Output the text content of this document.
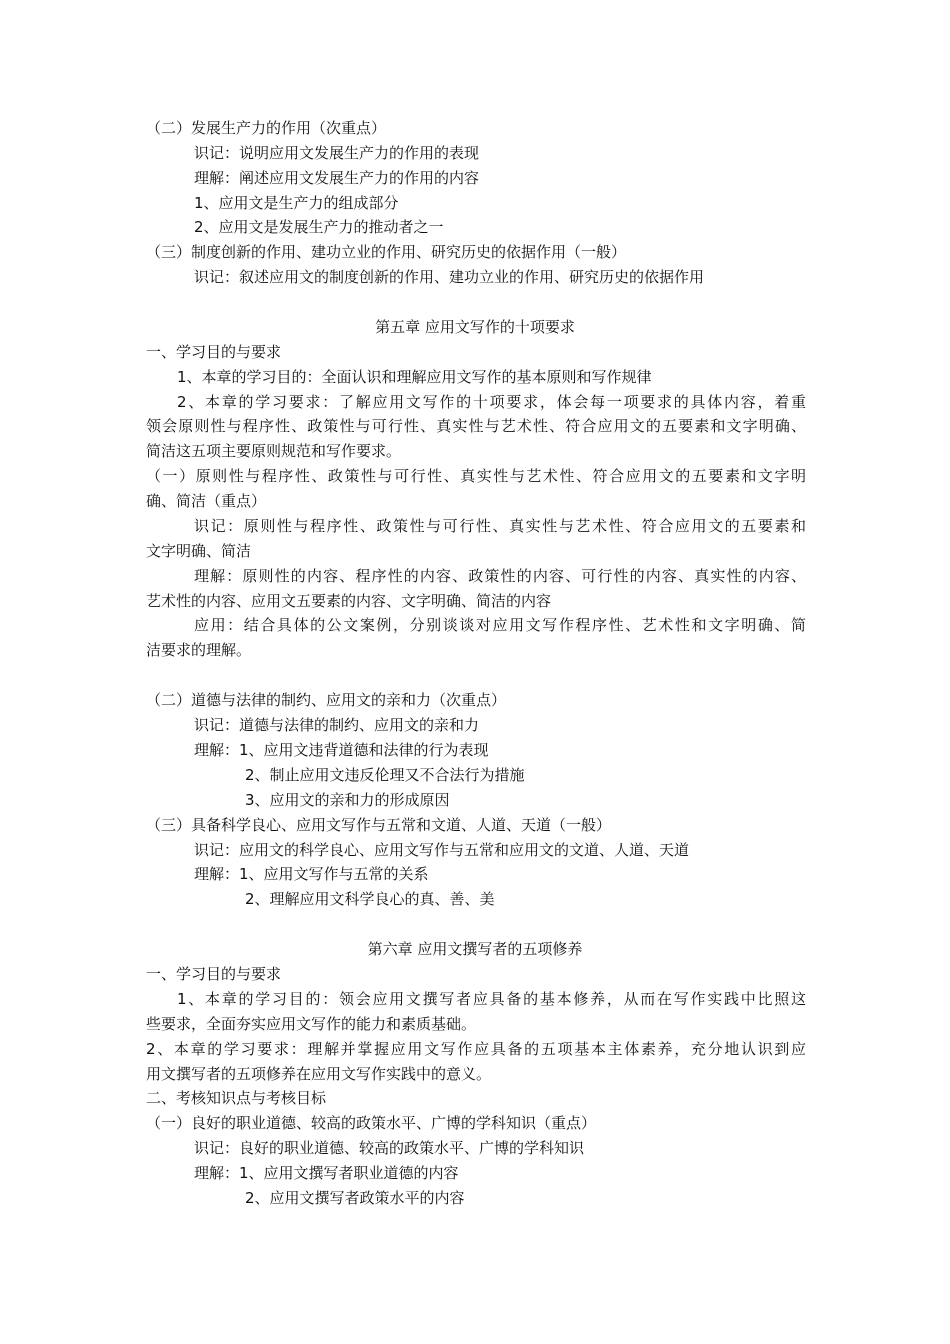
（二）发展生产力的作用（次重点）
识记：说明应用文发展生产力的作用的表现
理解：阐述应用文发展生产力的作用的内容
1、应用文是生产力的组成部分
2、应用文是发展生产力的推动者之一
（三）制度创新的作用、建功立业的作用、研究历史的依据作用（一般）
识记：叙述应用文的制度创新的作用、建功立业的作用、研究历史的依据作用
第五章 应用文写作的十项要求
一、学习目的与要求
1、本章的学习目的：全面认识和理解应用文写作的基本原则和写作规律
2、本章的学习要求：了解应用文写作的十项要求，体会每一项要求的具体内容，着重
领会原则性与程序性、政策性与可行性、真实性与艺术性、符合应用文的五要素和文字明确、
简洁这五项主要原则规范和写作要求。
（一）原则性与程序性、政策性与可行性、真实性与艺术性、符合应用文的五要素和文字明
确、简洁（重点）
识记：原则性与程序性、政策性与可行性、真实性与艺术性、符合应用文的五要素和
文字明确、简洁
理解：原则性的内容、程序性的内容、政策性的内容、可行性的内容、真实性的内容、
艺术性的内容、应用文五要素的内容、文字明确、简洁的内容
应用：结合具体的公文案例，分别谈谈对应用文写作程序性、艺术性和文字明确、简
洁要求的理解。
（二）道德与法律的制约、应用文的亲和力（次重点）
识记：道德与法律的制约、应用文的亲和力
理解：1、应用文违背道德和法律的行为表现
2、制止应用文违反伦理又不合法行为措施
3、应用文的亲和力的形成原因
（三）具备科学良心、应用文写作与五常和文道、人道、天道（一般）
识记：应用文的科学良心、应用文写作与五常和应用文的文道、人道、天道
理解：1、应用文写作与五常的关系
2、理解应用文科学良心的真、善、美
第六章 应用文撰写者的五项修养
一、学习目的与要求
1、本章的学习目的：领会应用文撰写者应具备的基本修养，从而在写作实践中比照这
些要求，全面夯实应用文写作的能力和素质基础。
2、本章的学习要求：理解并掌握应用文写作应具备的五项基本主体素养，充分地认识到应
用文撰写者的五项修养在应用文写作实践中的意义。
二、考核知识点与考核目标
（一）良好的职业道德、较高的政策水平、广博的学科知识（重点）
识记：良好的职业道德、较高的政策水平、广博的学科知识
理解：1、应用文撰写者职业道德的内容
2、应用文撰写者政策水平的内容
